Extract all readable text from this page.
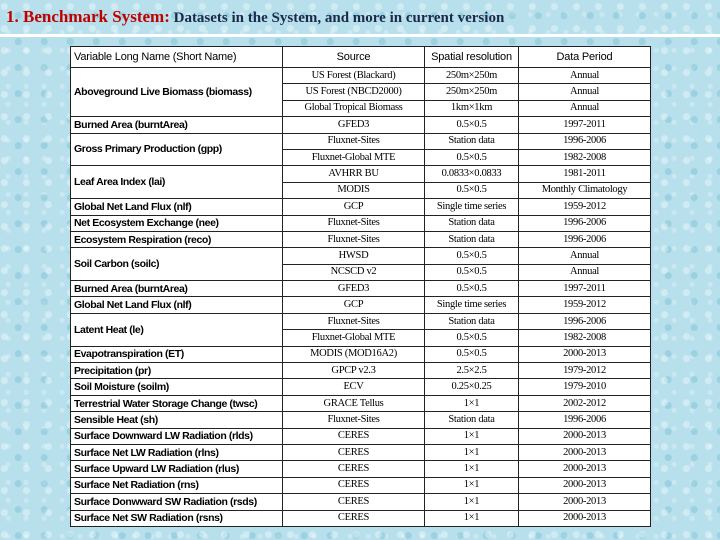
1. Benchmark System: Datasets in the System, and more in current version
Variable Long Name (Short Name)	Source	Spatial resolution	Data Period
Aboveground Live Biomass (biomass)	US Forest (Blackard)	250m×250m	Annual
	US Forest (NBCD2000)	250m×250m	Annual
	Global Tropical Biomass	1km×1km	Annual
Burned Area (burntArea)	GFED3	0.5×0.5	1997-2011
Gross Primary Production (gpp)	Fluxnet-Sites	Station data	1996-2006
	Fluxnet-Global MTE	0.5×0.5	1982-2008
Leaf Area Index (lai)	AVHRR BU	0.0833×0.0833	1981-2011
	MODIS	0.5×0.5	Monthly Climatology
Global Net Land Flux (nlf)	GCP	Single time series	1959-2012
Net Ecosystem Exchange (nee)	Fluxnet-Sites	Station data	1996-2006
Ecosystem Respiration (reco)	Fluxnet-Sites	Station data	1996-2006
Soil Carbon (soilc)	HWSD	0.5×0.5	Annual
	NCSCD v2	0.5×0.5	Annual
Burned Area (burntArea)	GFED3	0.5×0.5	1997-2011
Global Net Land Flux (nlf)	GCP	Single time series	1959-2012
Latent Heat (le)	Fluxnet-Sites	Station data	1996-2006
	Fluxnet-Global MTE	0.5×0.5	1982-2008
Evapotranspiration (ET)	MODIS (MOD16A2)	0.5×0.5	2000-2013
Precipitation (pr)	GPCP v2.3	2.5×2.5	1979-2012
Soil Moisture (soilm)	ECV	0.25×0.25	1979-2010
Terrestrial Water Storage Change (twsc)	GRACE Tellus	1×1	2002-2012
Sensible Heat (sh)	Fluxnet-Sites	Station data	1996-2006
Surface Downward LW Radiation (rlds)	CERES	1×1	2000-2013
Surface Net LW Radiation (rlns)	CERES	1×1	2000-2013
Surface Upward LW Radiation (rlus)	CERES	1×1	2000-2013
Surface Net Radiation (rns)	CERES	1×1	2000-2013
Surface Donwward SW Radiation (rsds)	CERES	1×1	2000-2013
Surface Net SW Radiation (rsns)	CERES	1×1	2000-2013
